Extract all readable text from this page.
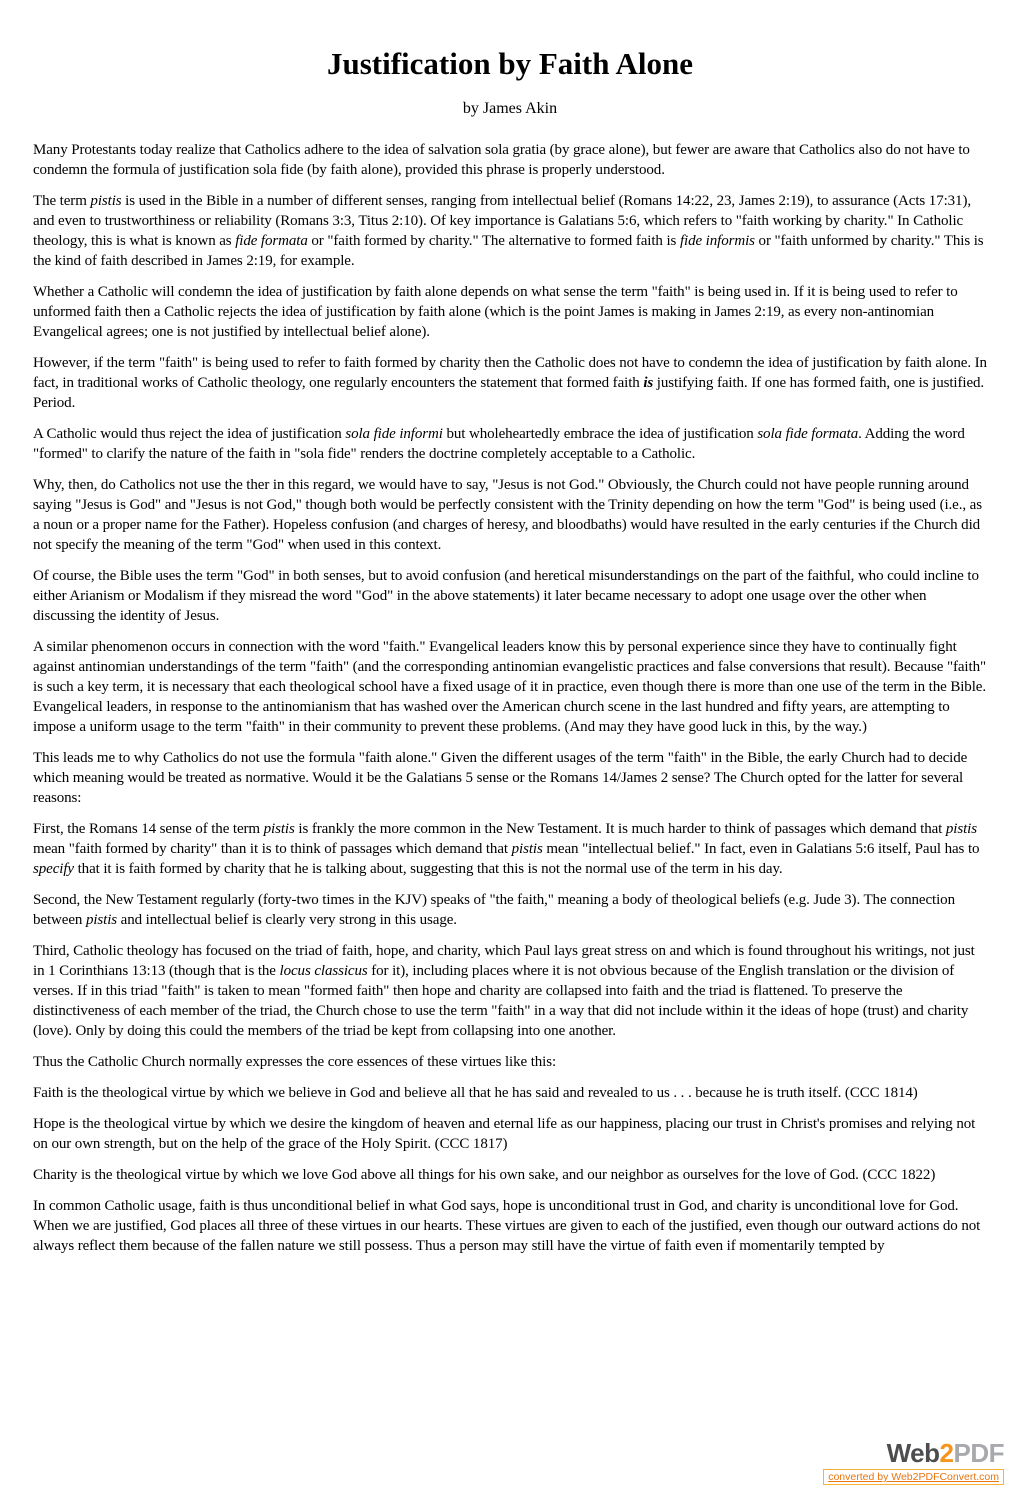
Justification by Faith Alone
by James Akin

Many Protestants today realize that Catholics adhere to the idea of salvation sola gratia (by grace alone), but fewer are aware that Catholics also do not have to condemn the formula of justification sola fide (by faith alone), provided this phrase is properly understood.

The term pistis is used in the Bible in a number of different senses, ranging from intellectual belief (Romans 14:22, 23, James 2:19), to assurance (Acts 17:31), and even to trustworthiness or reliability (Romans 3:3, Titus 2:10). Of key importance is Galatians 5:6, which refers to "faith working by charity." In Catholic theology, this is what is known as fide formata or "faith formed by charity." The alternative to formed faith is fide informis or "faith unformed by charity." This is the kind of faith described in James 2:19, for example.

Whether a Catholic will condemn the idea of justification by faith alone depends on what sense the term "faith" is being used in. If it is being used to refer to unformed faith then a Catholic rejects the idea of justification by faith alone (which is the point James is making in James 2:19, as every non-antinomian Evangelical agrees; one is not justified by intellectual belief alone).

However, if the term "faith" is being used to refer to faith formed by charity then the Catholic does not have to condemn the idea of justification by faith alone. In fact, in traditional works of Catholic theology, one regularly encounters the statement that formed faith is justifying faith. If one has formed faith, one is justified. Period.

A Catholic would thus reject the idea of justification sola fide informi but wholeheartedly embrace the idea of justification sola fide formata. Adding the word "formed" to clarify the nature of the faith in "sola fide" renders the doctrine completely acceptable to a Catholic.

Why, then, do Catholics not use the ther in this regard, we would have to say, "Jesus is not God." Obviously, the Church could not have people running around saying "Jesus is God" and "Jesus is not God," though both would be perfectly consistent with the Trinity depending on how the term "God" is being used (i.e., as a noun or a proper name for the Father). Hopeless confusion (and charges of heresy, and bloodbaths) would have resulted in the early centuries if the Church did not specify the meaning of the term "God" when used in this context.

Of course, the Bible uses the term "God" in both senses, but to avoid confusion (and heretical misunderstandings on the part of the faithful, who could incline to either Arianism or Modalism if they misread the word "God" in the above statements) it later became necessary to adopt one usage over the other when discussing the identity of Jesus.

A similar phenomenon occurs in connection with the word "faith." Evangelical leaders know this by personal experience since they have to continually fight against antinomian understandings of the term "faith" (and the corresponding antinomian evangelistic practices and false conversions that result). Because "faith" is such a key term, it is necessary that each theological school have a fixed usage of it in practice, even though there is more than one use of the term in the Bible. Evangelical leaders, in response to the antinomianism that has washed over the American church scene in the last hundred and fifty years, are attempting to impose a uniform usage to the term "faith" in their community to prevent these problems. (And may they have good luck in this, by the way.)

This leads me to why Catholics do not use the formula "faith alone." Given the different usages of the term "faith" in the Bible, the early Church had to decide which meaning would be treated as normative. Would it be the Galatians 5 sense or the Romans 14/James 2 sense? The Church opted for the latter for several reasons:

First, the Romans 14 sense of the term pistis is frankly the more common in the New Testament. It is much harder to think of passages which demand that pistis mean "faith formed by charity" than it is to think of passages which demand that pistis mean "intellectual belief." In fact, even in Galatians 5:6 itself, Paul has to specify that it is faith formed by charity that he is talking about, suggesting that this is not the normal use of the term in his day.

Second, the New Testament regularly (forty-two times in the KJV) speaks of "the faith," meaning a body of theological beliefs (e.g. Jude 3). The connection between pistis and intellectual belief is clearly very strong in this usage.

Third, Catholic theology has focused on the triad of faith, hope, and charity, which Paul lays great stress on and which is found throughout his writings, not just in 1 Corinthians 13:13 (though that is the locus classicus for it), including places where it is not obvious because of the English translation or the division of verses. If in this triad "faith" is taken to mean "formed faith" then hope and charity are collapsed into faith and the triad is flattened. To preserve the distinctiveness of each member of the triad, the Church chose to use the term "faith" in a way that did not include within it the ideas of hope (trust) and charity (love). Only by doing this could the members of the triad be kept from collapsing into one another.

Thus the Catholic Church normally expresses the core essences of these virtues like this:

Faith is the theological virtue by which we believe in God and believe all that he has said and revealed to us . . . because he is truth itself. (CCC 1814)

Hope is the theological virtue by which we desire the kingdom of heaven and eternal life as our happiness, placing our trust in Christ's promises and relying not on our own strength, but on the help of the grace of the Holy Spirit. (CCC 1817)

Charity is the theological virtue by which we love God above all things for his own sake, and our neighbor as ourselves for the love of God. (CCC 1822)

In common Catholic usage, faith is thus unconditional belief in what God says, hope is unconditional trust in God, and charity is unconditional love for God. When we are justified, God places all three of these virtues in our hearts. These virtues are given to each of the justified, even though our outward actions do not always reflect them because of the fallen nature we still possess. Thus a person may still have the virtue of faith even if momentarily tempted by

Web2PDF
converted by Web2PDFConvert.com
